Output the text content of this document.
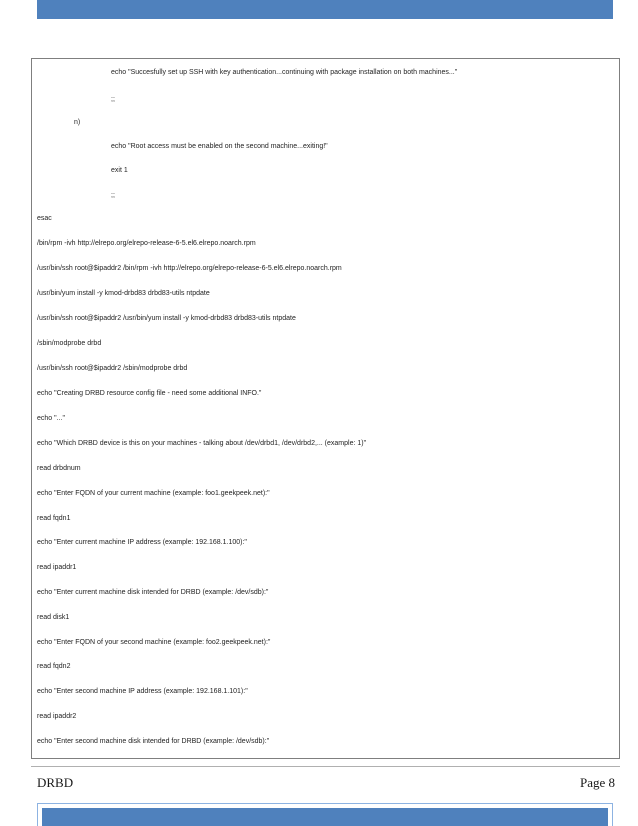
echo "Succesfully set up SSH with key authentication...continuing with package installation on both machines..."
;;
n)
echo "Root access must be enabled on the second machine...exiting!"
exit 1
;;
esac
/bin/rpm -ivh http://elrepo.org/elrepo-release-6-5.el6.elrepo.noarch.rpm
/usr/bin/ssh root@$ipaddr2 /bin/rpm -ivh http://elrepo.org/elrepo-release-6-5.el6.elrepo.noarch.rpm
/usr/bin/yum install -y kmod-drbd83 drbd83-utils ntpdate
/usr/bin/ssh root@$ipaddr2 /usr/bin/yum install -y kmod-drbd83 drbd83-utils ntpdate
/sbin/modprobe drbd
/usr/bin/ssh root@$ipaddr2 /sbin/modprobe drbd
echo "Creating DRBD resource config file - need some additional INFO."
echo "..."
echo "Which DRBD device is this on your machines - talking about /dev/drbd1, /dev/drbd2,... (example: 1)"
read drbdnum
echo "Enter FQDN of your current machine (example: foo1.geekpeek.net):"
read fqdn1
echo "Enter current machine IP address (example: 192.168.1.100):"
read ipaddr1
echo "Enter current machine disk intended for DRBD (example: /dev/sdb):"
read disk1
echo "Enter FQDN of your second machine (example: foo2.geekpeek.net):"
read fqdn2
echo "Enter second machine IP address (example: 192.168.1.101):"
read ipaddr2
echo "Enter second machine disk intended for DRBD (example: /dev/sdb):"
DRBD	Page 8
